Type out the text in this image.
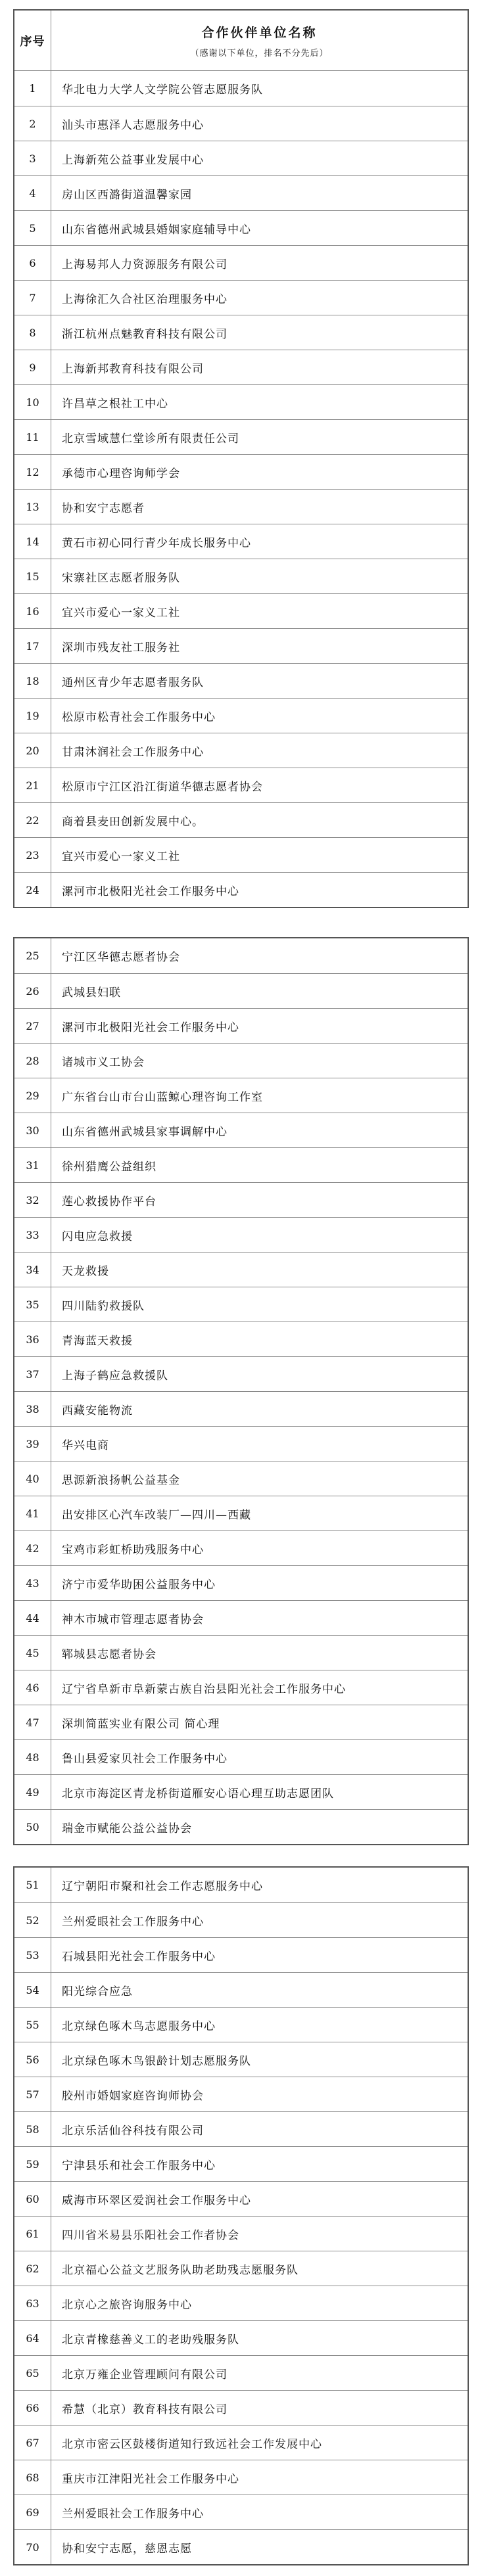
序号
合作伙伴单位名称
（感谢以下单位，排名不分先后）
1	华北电力大学人文学院公管志愿服务队
2	汕头市惠泽人志愿服务中心
3	上海新苑公益事业发展中心
4	房山区西潞街道温馨家园
5	山东省德州武城县婚姻家庭辅导中心
6	上海易邦人力资源服务有限公司
7	上海徐汇久合社区治理服务中心
8	浙江杭州点魅教育科技有限公司
9	上海新邦教育科技有限公司
10	许昌草之根社工中心
11	北京雪域慧仁堂诊所有限责任公司
12	承德市心理咨询师学会
13	协和安宁志愿者
14	黄石市初心同行青少年成长服务中心
15	宋寨社区志愿者服务队
16	宜兴市爱心一家义工社
17	深圳市残友社工服务社
18	通州区青少年志愿者服务队
19	松原市松青社会工作服务中心
20	甘肃沐润社会工作服务中心
21	松原市宁江区沿江街道华德志愿者协会
22	商着县麦田创新发展中心。
23	宜兴市爱心一家义工社
24	漯河市北极阳光社会工作服务中心
25	宁江区华德志愿者协会
26	武城县妇联
27	漯河市北极阳光社会工作服务中心
28	诸城市义工协会
29	广东省台山市台山蓝鲸心理咨询工作室
30	山东省德州武城县家事调解中心
31	徐州猎鹰公益组织
32	莲心救援协作平台
33	闪电应急救援
34	天龙救援
35	四川陆豹救援队
36	青海蓝天救援
37	上海子鹤应急救援队
38	西藏安能物流
39	华兴电商
40	思源新浪扬帆公益基金
41	出安排区心汽车改装厂—四川—西藏
42	宝鸡市彩虹桥助残服务中心
43	济宁市爱华助困公益服务中心
44	神木市城市管理志愿者协会
45	郓城县志愿者协会
46	辽宁省阜新市阜新蒙古族自治县阳光社会工作服务中心
47	深圳简蓝实业有限公司 简心理
48	鲁山县爱家贝社会工作服务中心
49	北京市海淀区青龙桥街道雁安心语心理互助志愿团队
50	瑞金市赋能公益公益协会
51	辽宁朝阳市聚和社会工作志愿服务中心
52	兰州爱眼社会工作服务中心
53	石城县阳光社会工作服务中心
54	阳光综合应急
55	北京绿色啄木鸟志愿服务中心
56	北京绿色啄木鸟银龄计划志愿服务队
57	胶州市婚姻家庭咨询师协会
58	北京乐活仙谷科技有限公司
59	宁津县乐和社会工作服务中心
60	威海市环翠区爱润社会工作服务中心
61	四川省米易县乐阳社会工作者协会
62	北京福心公益文艺服务队助老助残志愿服务队
63	北京心之旅咨询服务中心
64	北京青橡慈善义工的老助残服务队
65	北京万雍企业管理顾问有限公司
66	希慧（北京）教育科技有限公司
67	北京市密云区鼓楼街道知行致远社会工作发展中心
68	重庆市江津阳光社会工作服务中心
69	兰州爱眼社会工作服务中心
70	协和安宁志愿，慈恩志愿
